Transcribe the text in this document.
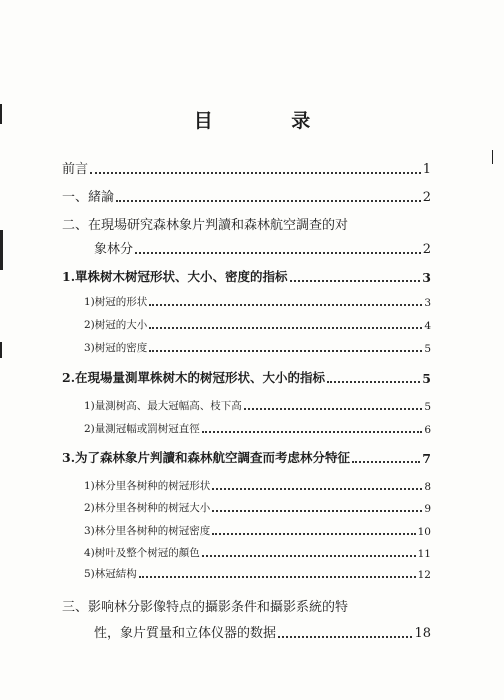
目 录
前言	1
一、緒論	2
二、在現場研究森林象片判讀和森林航空調查的对
象林分	2
1.單株树木树冠形状、大小、密度的指标	3
1)树冠的形状	3
2)树冠的大小	4
3)树冠的密度	5
2.在現場量測單株树木的树冠形状、大小的指标	5
1)量測树高、最大冠幅高、枝下高	5
2)量測冠幅或罰树冠直徑	6
3.为了森林象片判讀和森林航空調查而考虑林分特征	7
1)林分里各树种的树冠形状	8
2)林分里各树种的树冠大小	9
3)林分里各树种的树冠密度	10
4)树叶及整个树冠的顏色	11
5)林冠結构	12
三、影响林分影像特点的攝影条件和攝影系統的特
性，象片質量和立体仪器的数据	18
